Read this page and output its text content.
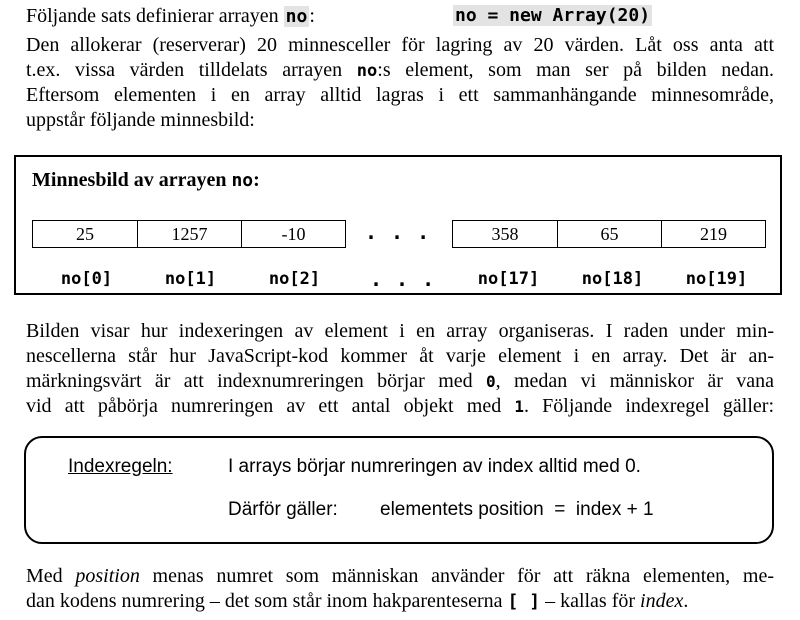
Följande sats definierar arrayen no :	no = new Array(20)
Den allokerar (reserverar) 20 minnesceller för lagring av 20 värden. Låt oss anta att
t.ex. vissa värden tilldelats arrayen no:s element, som man ser på bilden nedan.
Eftersom elementen i en array alltid lagras i ett sammanhängande minnesområde,
uppstår följande minnesbild:
Minnesbild av arrayen no:
25	1257	-10	...	358	65	219
no[0]	no[1]	no[2]	...	no[17]	no[18]	no[19]
Bilden visar hur indexeringen av element i en array organiseras. I raden under min-
nescellerna står hur JavaScript-kod kommer åt varje element i en array. Det är an-
märkningsvärt är att indexnumreringen börjar med 0, medan vi människor är vana
vid att påbörja numreringen av ett antal objekt med 1. Följande indexregel gäller:
Indexregeln:	I arrays börjar numreringen av index alltid med 0.
Därför gäller: elementets position  =  index + 1
Med position menas numret som människan använder för att räkna elementen, me-
dan kodens numrering – det som står inom hakparenteserna [ ] – kallas för index.
